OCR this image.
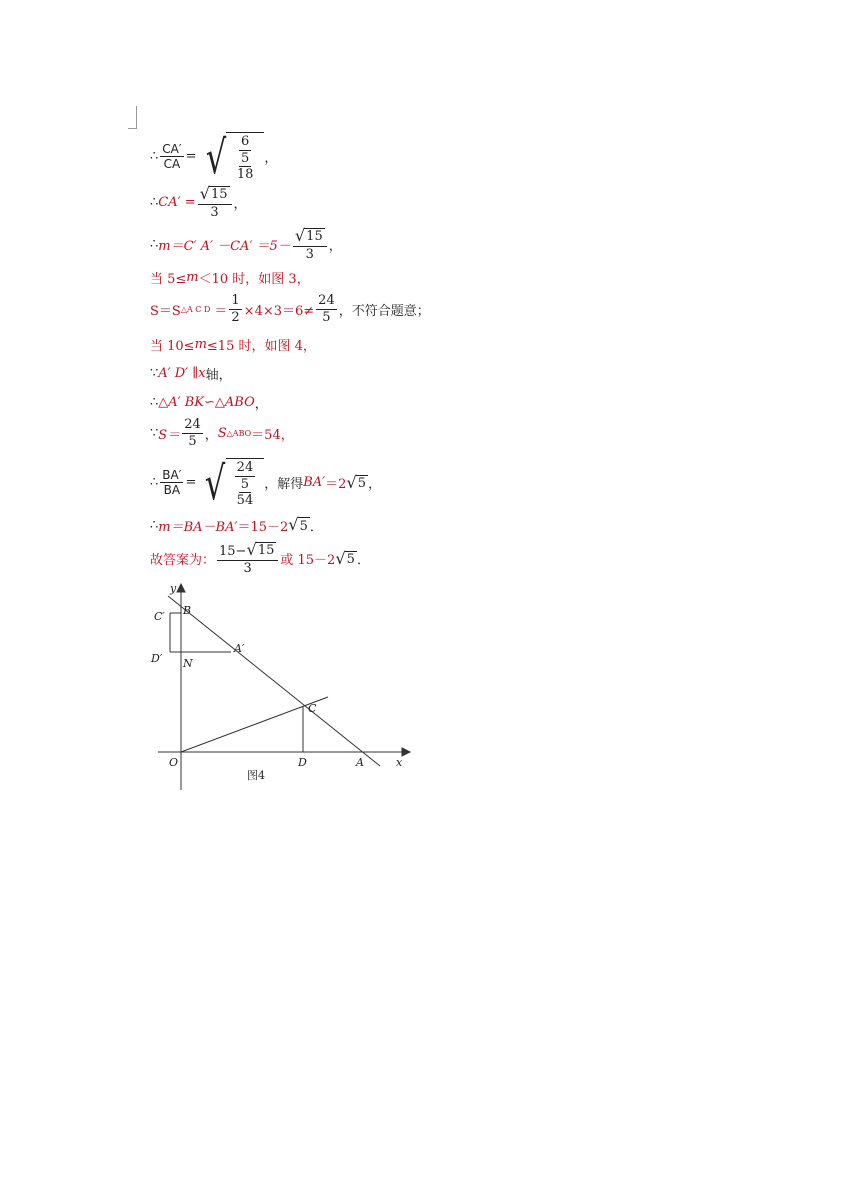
∴ $\frac{CA'}{CA}$ = √ $\frac{6}{\frac{5}{18}}$ ，
∴ $CA' = \frac{√ 15}{3}$ ，
∴ m＝C′ $A' -CA' =5- \frac{√ 15}{3}$ ，
当 5≤ m ＜10 时，如图 3，
S＝S △A C $D = \frac{1}{2} \times 4\times 3=6\ne \frac{24}{5}$ ，不符合题意；
当 10≤ m ≤15 时，如图 4，
∵ A′ D′ ∥x 轴，
∴ △A′ BK∽△ABO ，
∵ $S= \frac{24}{5}$ ， S △ABO ＝54，
∴ $\frac{BA'}{BA}$ = √ $\frac{24}{\frac{5}{54}}$ ，解得 BA′ ＝2 √ 5 ，
∴ m＝BA－BA′ ＝15－2 √ 5 ．
故答案为： $\frac{15- √ 15}{3}$ 或 15－2 √ 5 ．
y
B
C′
D′ N
A′
C
O	D	A	x
图4
